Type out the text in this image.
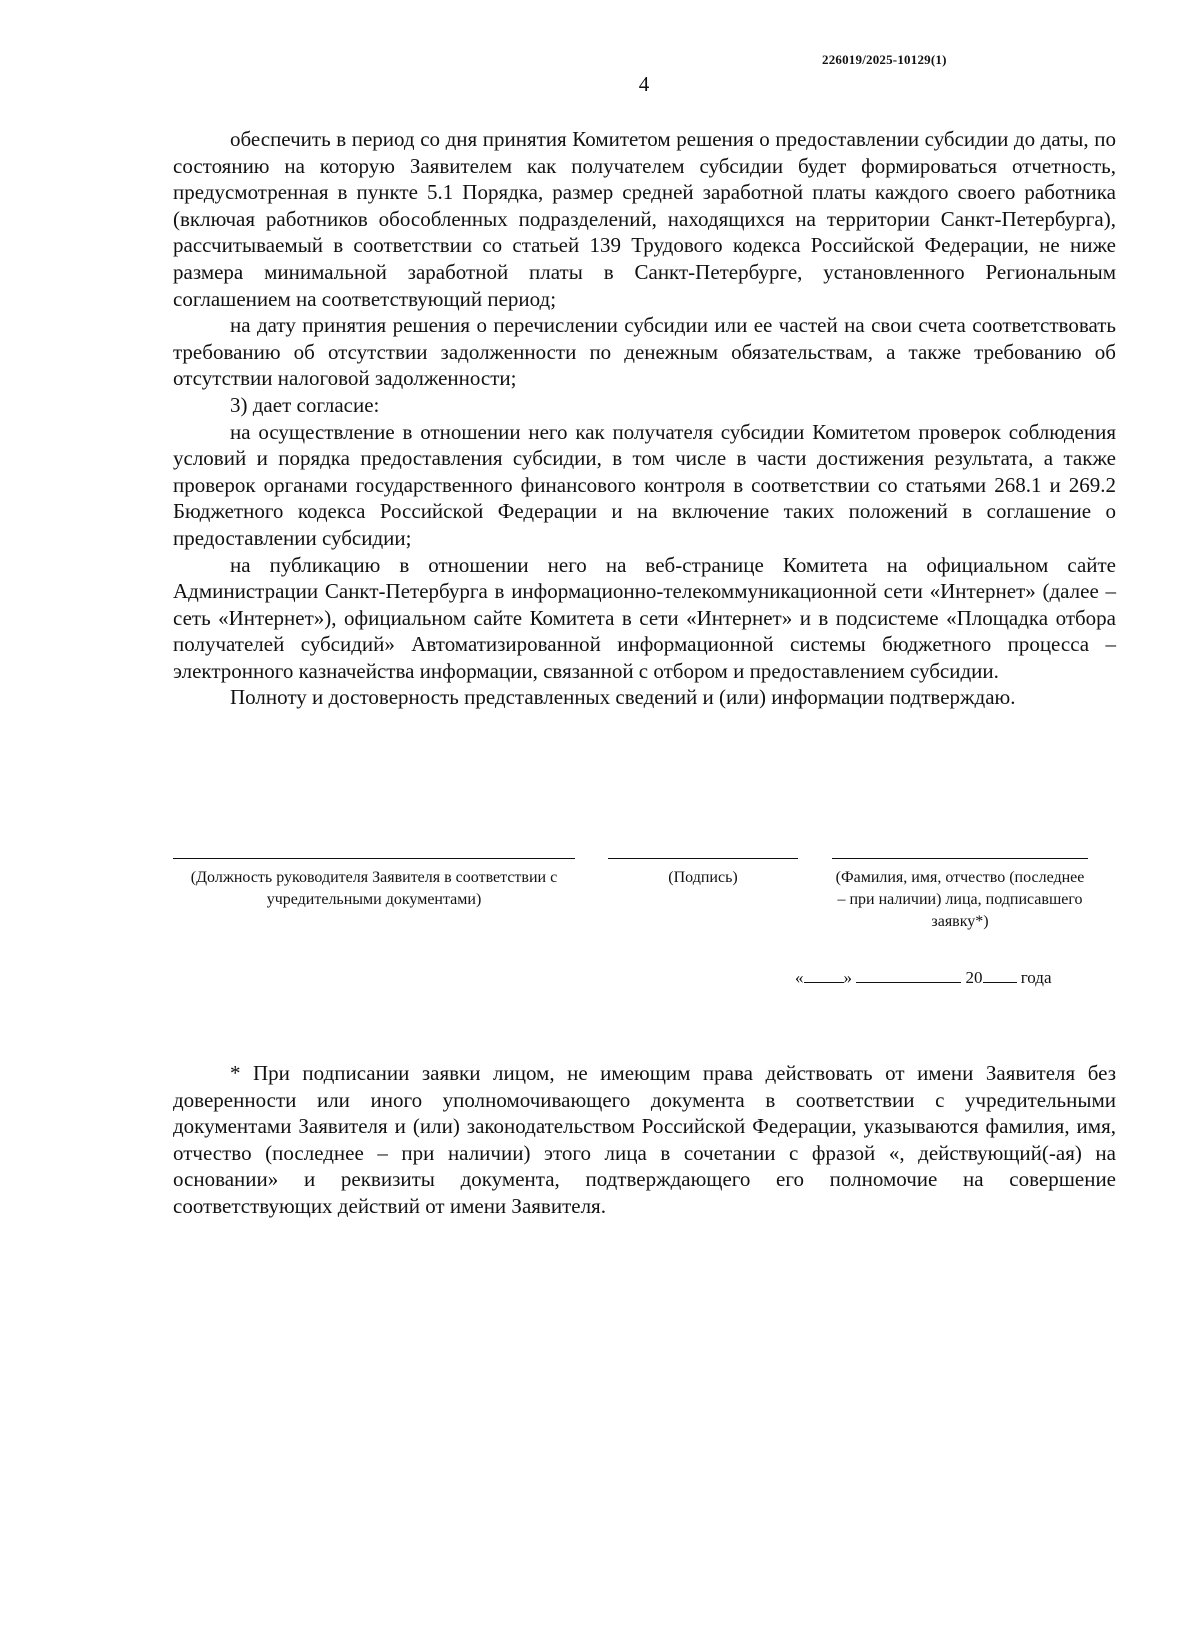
226019/2025-10129(1)
4

обеспечить в период со дня принятия Комитетом решения о предоставлении субсидии до даты, по состоянию на которую Заявителем как получателем субсидии будет формироваться отчетность, предусмотренная в пункте 5.1 Порядка, размер средней заработной платы каждого своего работника (включая работников обособленных подразделений, находящихся на территории Санкт-Петербурга), рассчитываемый в соответствии со статьей 139 Трудового кодекса Российской Федерации, не ниже размера минимальной заработной платы в Санкт-Петербурге, установленного Региональным соглашением на соответствующий период;

на дату принятия решения о перечислении субсидии или ее частей на свои счета соответствовать требованию об отсутствии задолженности по денежным обязательствам, а также требованию об отсутствии налоговой задолженности;

3) дает согласие:

на осуществление в отношении него как получателя субсидии Комитетом проверок соблюдения условий и порядка предоставления субсидии, в том числе в части достижения результата, а также проверок органами государственного финансового контроля в соответствии со статьями 268.1 и 269.2 Бюджетного кодекса Российской Федерации и на включение таких положений в соглашение о предоставлении субсидии;

на публикацию в отношении него на веб-странице Комитета на официальном сайте Администрации Санкт-Петербурга в информационно-телекоммуникационной сети «Интернет» (далее – сеть «Интернет»), официальном сайте Комитета в сети «Интернет» и в подсистеме «Площадка отбора получателей субсидий» Автоматизированной информационной системы бюджетного процесса – электронного казначейства информации, связанной с отбором и предоставлением субсидии.

Полноту и достоверность представленных сведений и (или) информации подтверждаю.

(Должность руководителя Заявителя в соответствии с учредительными документами)
(Подпись)	(Фамилия, имя, отчество (последнее – при наличии) лица, подписавшего заявку*)
« »	20 года

* При подписании заявки лицом, не имеющим права действовать от имени Заявителя без доверенности или иного уполномочивающего документа в соответствии с учредительными документами Заявителя и (или) законодательством Российской Федерации, указываются фамилия, имя, отчество (последнее – при наличии) этого лица в сочетании с фразой «, действующий(-ая) на основании» и реквизиты документа, подтверждающего его полномочие на совершение соответствующих действий от имени Заявителя.
